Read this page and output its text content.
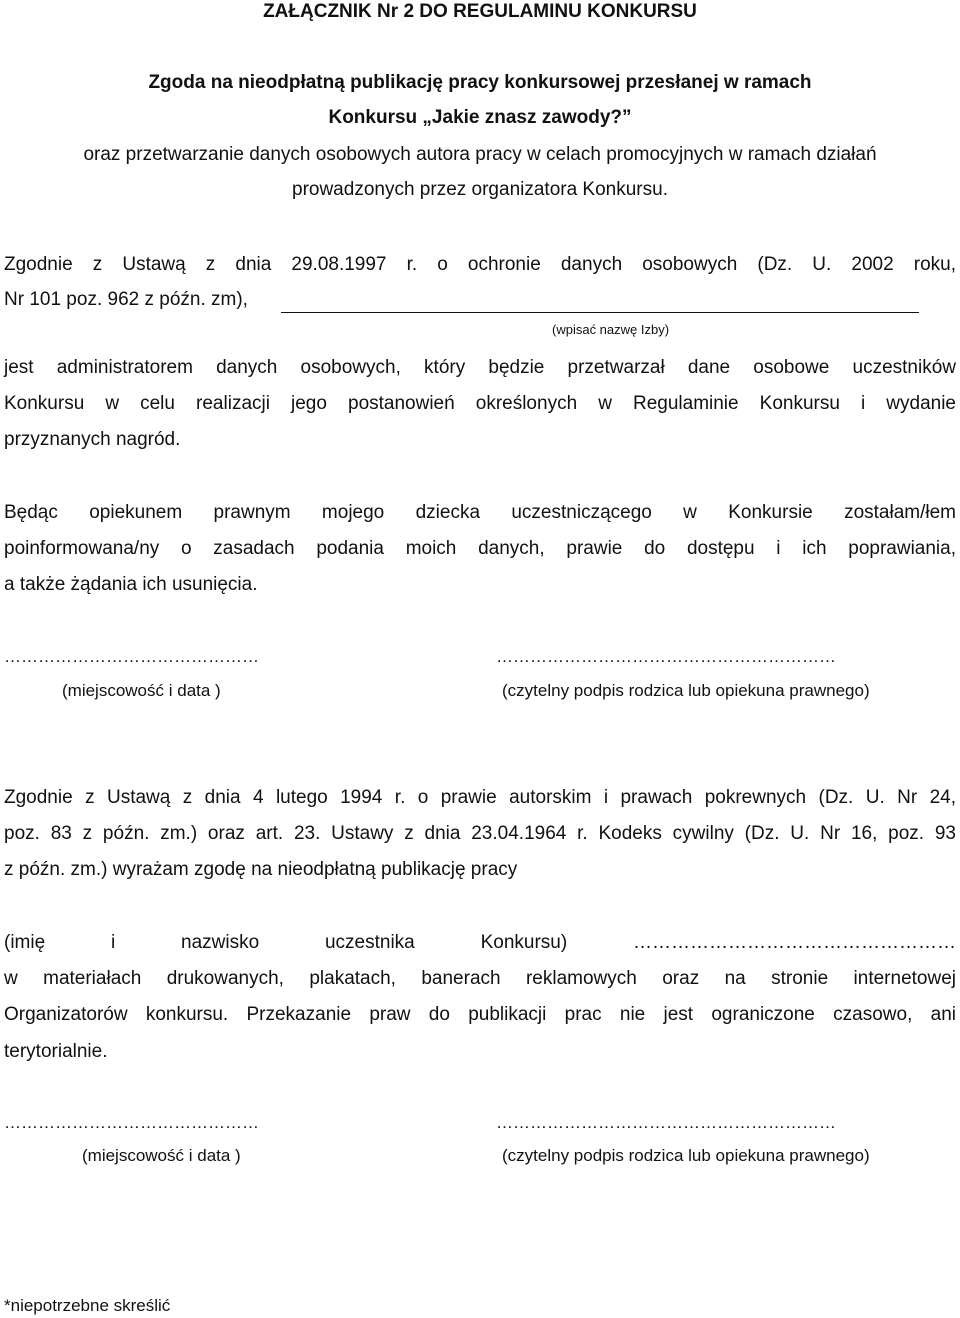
ZAŁĄCZNIK Nr 2 DO REGULAMINU KONKURSU
Zgoda na nieodpłatną publikację pracy konkursowej przesłanej w ramach
Konkursu „Jakie znasz zawody?”
oraz przetwarzanie danych osobowych autora pracy w celach promocyjnych w ramach działań
prowadzonych przez organizatora Konkursu.
Zgodnie z Ustawą z dnia 29.08.1997 r. o ochronie danych osobowych (Dz. U. 2002 roku,
Nr 101 poz. 962 z późn. zm),
(wpisać nazwę Izby)
jest administratorem danych osobowych, który będzie przetwarzał dane osobowe uczestników
Konkursu w celu realizacji jego postanowień określonych w Regulaminie Konkursu i wydanie
przyznanych nagród.
Będąc opiekunem prawnym mojego dziecka uczestniczącego w Konkursie zostałam/łem
poinformowana/ny o zasadach podania moich danych, prawie do dostępu i ich poprawiania,
a także żądania ich usunięcia.
………………………………………	……………………………………………………
(miejscowość i data )	(czytelny podpis rodzica lub opiekuna prawnego)
Zgodnie z Ustawą z dnia 4 lutego 1994 r. o prawie autorskim i prawach pokrewnych (Dz. U. Nr 24,
poz. 83 z późn. zm.) oraz art. 23. Ustawy z dnia 23.04.1964 r. Kodeks cywilny (Dz. U. Nr 16, poz. 93
z późn. zm.) wyrażam zgodę na nieodpłatną publikację pracy
(imię i nazwisko uczestnika Konkursu) ……………………………………………
w materiałach drukowanych, plakatach, banerach reklamowych oraz na stronie internetowej
Organizatorów konkursu. Przekazanie praw do publikacji prac nie jest ograniczone czasowo, ani
terytorialnie.
………………………………………	……………………………………………………
(miejscowość i data )	(czytelny podpis rodzica lub opiekuna prawnego)
*niepotrzebne skreślić
